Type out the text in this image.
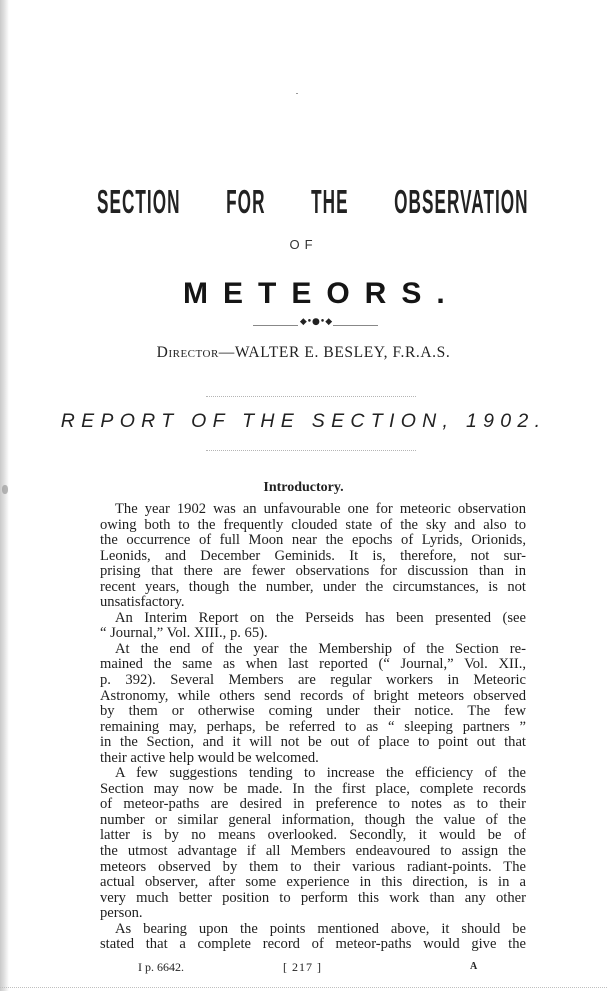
SECTION FOR THE OBSERVATION
OF
METEORS.
◆•●•◆
DIRECTOR—WALTER E. BESLEY, F.R.A.S.
REPORT OF THE SECTION, 1902.
Introductory.
The year 1902 was an unfavourable one for meteoric observation
owing both to the frequently clouded state of the sky and also to
the occurrence of full Moon near the epochs of Lyrids, Orionids,
Leonids, and December Geminids. It is, therefore, not sur-
prising that there are fewer observations for discussion than in
recent years, though the number, under the circumstances, is not
unsatisfactory.
An Interim Report on the Perseids has been presented (see
“ Journal,” Vol. XIII., p. 65).
At the end of the year the Membership of the Section re-
mained the same as when last reported (“ Journal,” Vol. XII.,
p. 392). Several Members are regular workers in Meteoric
Astronomy, while others send records of bright meteors observed
by them or otherwise coming under their notice. The few
remaining may, perhaps, be referred to as “ sleeping partners ”
in the Section, and it will not be out of place to point out that
their active help would be welcomed.
A few suggestions tending to increase the efficiency of the
Section may now be made. In the first place, complete records
of meteor-paths are desired in preference to notes as to their
number or similar general information, though the value of the
latter is by no means overlooked. Secondly, it would be of
the utmost advantage if all Members endeavoured to assign the
meteors observed by them to their various radiant-points. The
actual observer, after some experience in this direction, is in a
very much better position to perform this work than any other
person.
As bearing upon the points mentioned above, it should be
stated that a complete record of meteor-paths would give the
I p. 6642.	[ 217 ]	A
